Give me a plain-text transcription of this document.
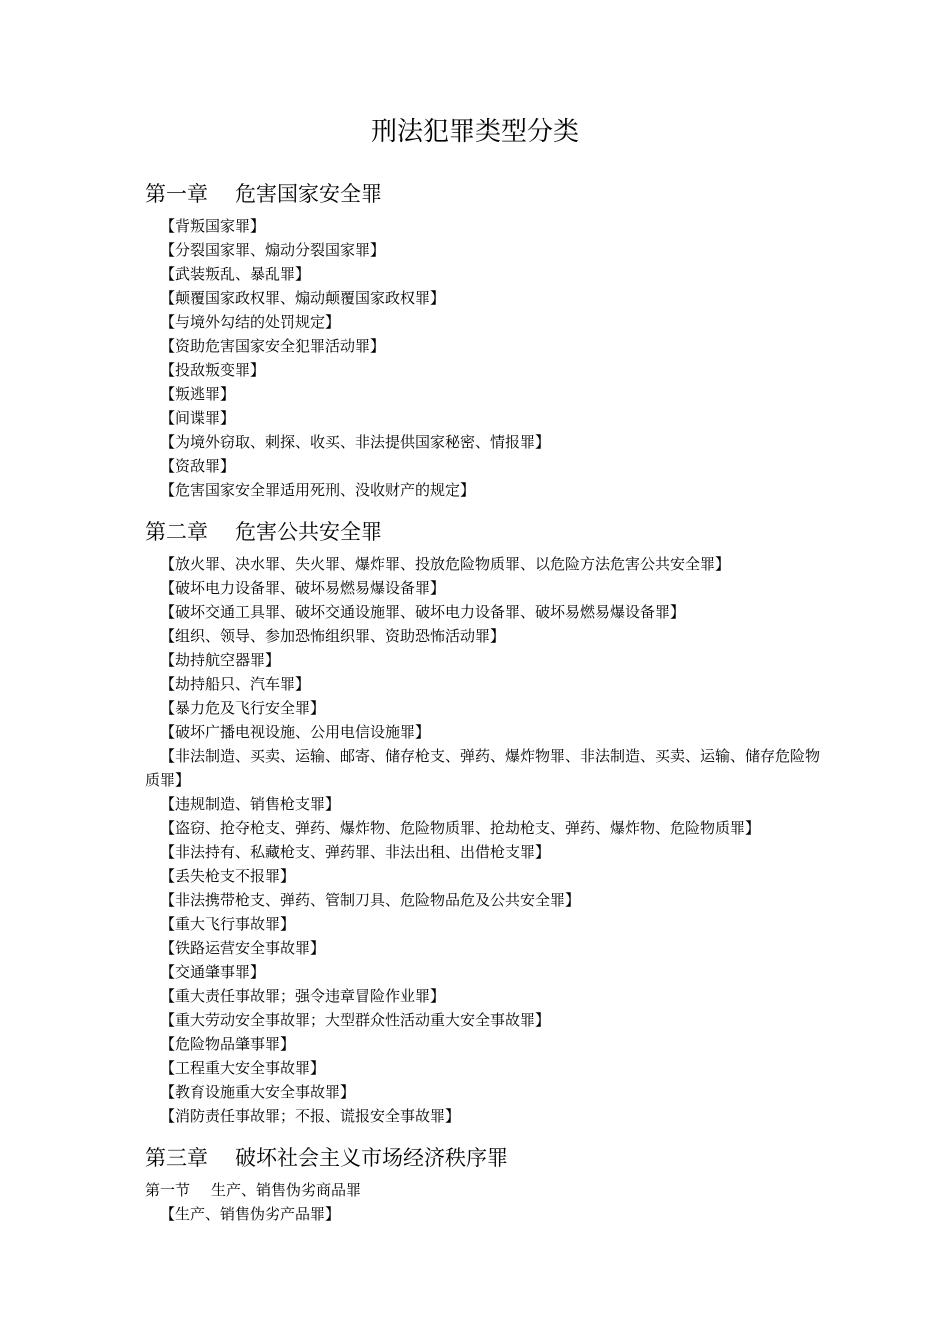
刑法犯罪类型分类
第一章 危害国家安全罪
【背叛国家罪】
【分裂国家罪、煽动分裂国家罪】
【武装叛乱、暴乱罪】
【颠覆国家政权罪、煽动颠覆国家政权罪】
【与境外勾结的处罚规定】
【资助危害国家安全犯罪活动罪】
【投敌叛变罪】
【叛逃罪】
【间谍罪】
【为境外窃取、刺探、收买、非法提供国家秘密、情报罪】
【资敌罪】
【危害国家安全罪适用死刑、没收财产的规定】
第二章 危害公共安全罪
【放火罪、决水罪、失火罪、爆炸罪、投放危险物质罪、以危险方法危害公共安全罪】
【破坏电力设备罪、破坏易燃易爆设备罪】
【破坏交通工具罪、破坏交通设施罪、破坏电力设备罪、破坏易燃易爆设备罪】
【组织、领导、参加恐怖组织罪、资助恐怖活动罪】
【劫持航空器罪】
【劫持船只、汽车罪】
【暴力危及飞行安全罪】
【破坏广播电视设施、公用电信设施罪】
【非法制造、买卖、运输、邮寄、储存枪支、弹药、爆炸物罪、非法制造、买卖、运输、储存危险物质罪】
【违规制造、销售枪支罪】
【盗窃、抢夺枪支、弹药、爆炸物、危险物质罪、抢劫枪支、弹药、爆炸物、危险物质罪】
【非法持有、私藏枪支、弹药罪、非法出租、出借枪支罪】
【丢失枪支不报罪】
【非法携带枪支、弹药、管制刀具、危险物品危及公共安全罪】
【重大飞行事故罪】
【铁路运营安全事故罪】
【交通肇事罪】
【重大责任事故罪；强令违章冒险作业罪】
【重大劳动安全事故罪；大型群众性活动重大安全事故罪】
【危险物品肇事罪】
【工程重大安全事故罪】
【教育设施重大安全事故罪】
【消防责任事故罪；不报、谎报安全事故罪】
第三章 破坏社会主义市场经济秩序罪
第一节 生产、销售伪劣商品罪
【生产、销售伪劣产品罪】
